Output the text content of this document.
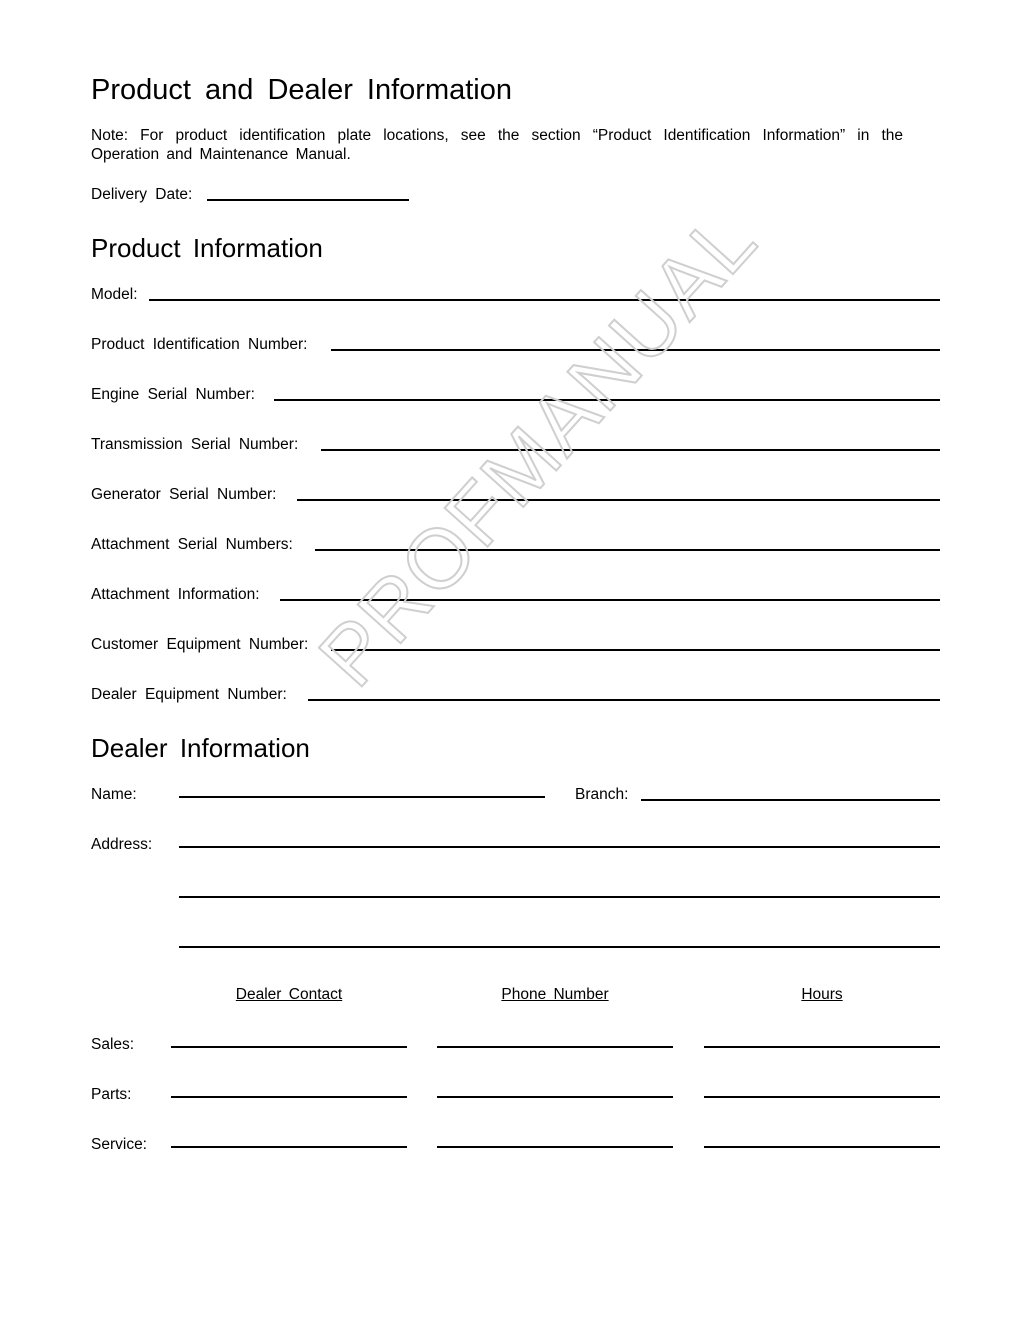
Product and Dealer Information
Note: For product identification plate locations, see the section “Product Identification Information” in the Operation and Maintenance Manual.
Delivery Date:
Product Information
Model:
Product Identification Number:
Engine Serial Number:
Transmission Serial Number:
Generator Serial Number:
Attachment Serial Numbers:
Attachment Information:
Customer Equipment Number:
Dealer Equipment Number:
Dealer Information
Name:	Branch:
Address:
Dealer Contact	Phone Number	Hours
Sales:
Parts:
Service:
PROFMANUAL
